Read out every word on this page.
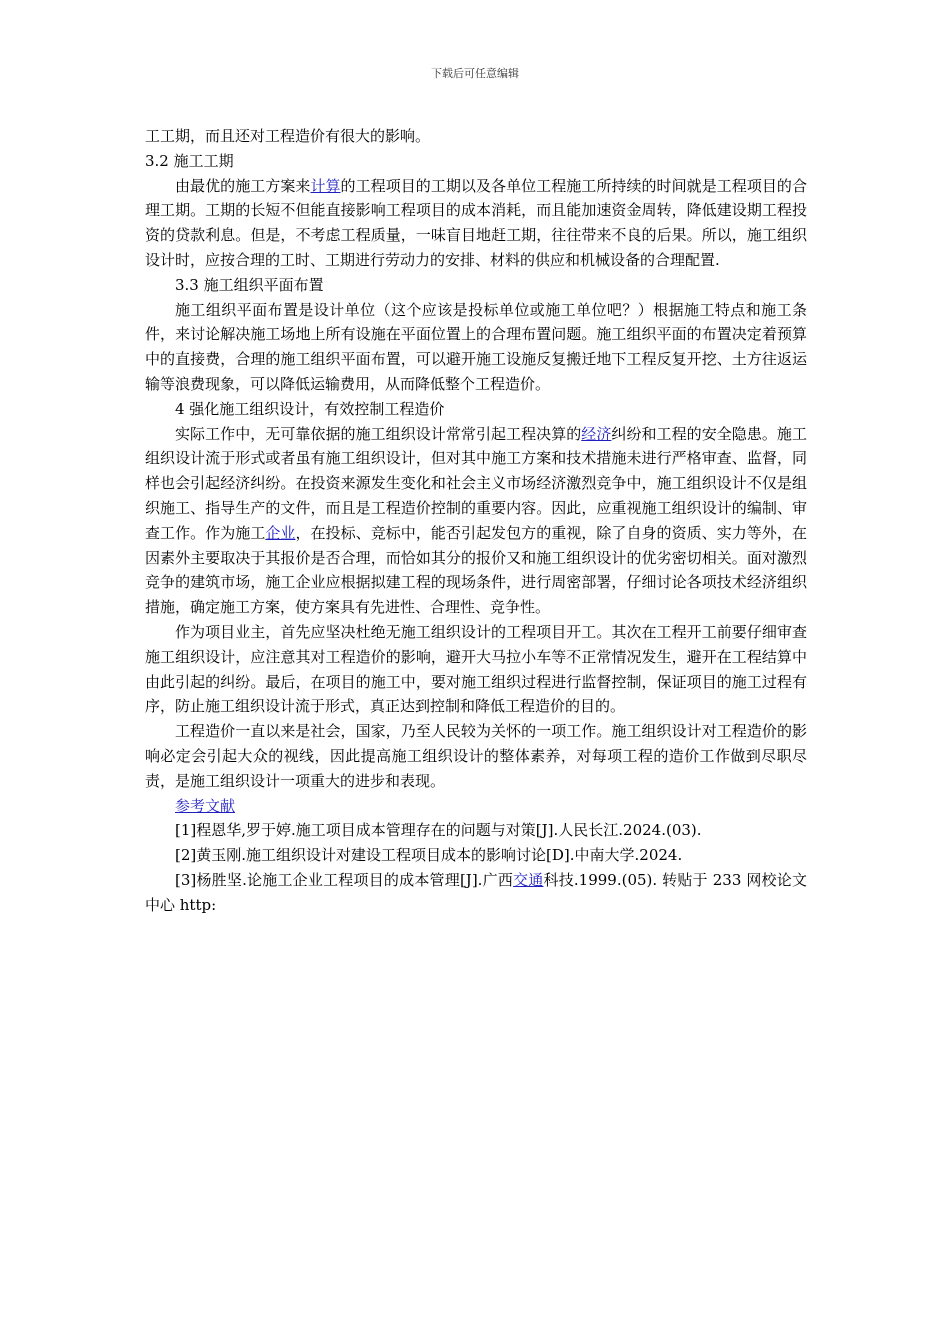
下载后可任意编辑

工工期，而且还对工程造价有很大的影响。

3.2 施工工期

由最优的施工方案来计算的工程项目的工期以及各单位工程施工所持续的时间就是工程项目的合理工期。工期的长短不但能直接影响工程项目的成本消耗，而且能加速资金周转，降低建设期工程投资的贷款利息。但是，不考虑工程质量，一味盲目地赶工期，往往带来不良的后果。所以，施工组织设计时，应按合理的工时、工期进行劳动力的安排、材料的供应和机械设备的合理配置.

3.3 施工组织平面布置

施工组织平面布置是设计单位（这个应该是投标单位或施工单位吧？）根据施工特点和施工条件，来讨论解决施工场地上所有设施在平面位置上的合理布置问题。施工组织平面的布置决定着预算中的直接费，合理的施工组织平面布置，可以避开施工设施反复搬迁地下工程反复开挖、土方往返运输等浪费现象，可以降低运输费用，从而降低整个工程造价。

4 强化施工组织设计，有效控制工程造价

实际工作中，无可靠依据的施工组织设计常常引起工程决算的经济纠纷和工程的安全隐患。施工组织设计流于形式或者虽有施工组织设计，但对其中施工方案和技术措施未进行严格审查、监督，同样也会引起经济纠纷。在投资来源发生变化和社会主义市场经济激烈竞争中，施工组织设计不仅是组织施工、指导生产的文件，而且是工程造价控制的重要内容。因此，应重视施工组织设计的编制、审查工作。作为施工企业，在投标、竞标中，能否引起发包方的重视，除了自身的资质、实力等外，在因素外主要取决于其报价是否合理，而恰如其分的报价又和施工组织设计的优劣密切相关。面对激烈竞争的建筑市场，施工企业应根据拟建工程的现场条件，进行周密部署，仔细讨论各项技术经济组织措施，确定施工方案，使方案具有先进性、合理性、竞争性。

作为项目业主，首先应坚决杜绝无施工组织设计的工程项目开工。其次在工程开工前要仔细审查施工组织设计，应注意其对工程造价的影响，避开大马拉小车等不正常情况发生，避开在工程结算中由此引起的纠纷。最后，在项目的施工中，要对施工组织过程进行监督控制，保证项目的施工过程有序，防止施工组织设计流于形式，真正达到控制和降低工程造价的目的。

工程造价一直以来是社会，国家，乃至人民较为关怀的一项工作。施工组织设计对工程造价的影响必定会引起大众的视线，因此提高施工组织设计的整体素养，对每项工程的造价工作做到尽职尽责，是施工组织设计一项重大的进步和表现。

参考文献

[1]程恩华,罗于婷.施工项目成本管理存在的问题与对策[J].人民长江.2024.(03).

[2]黄玉刚.施工组织设计对建设工程项目成本的影响讨论[D].中南大学.2024.

[3]杨胜坚.论施工企业工程项目的成本管理[J].广西交通科技.1999.(05). 转贴于 233 网校论文中心 http:
